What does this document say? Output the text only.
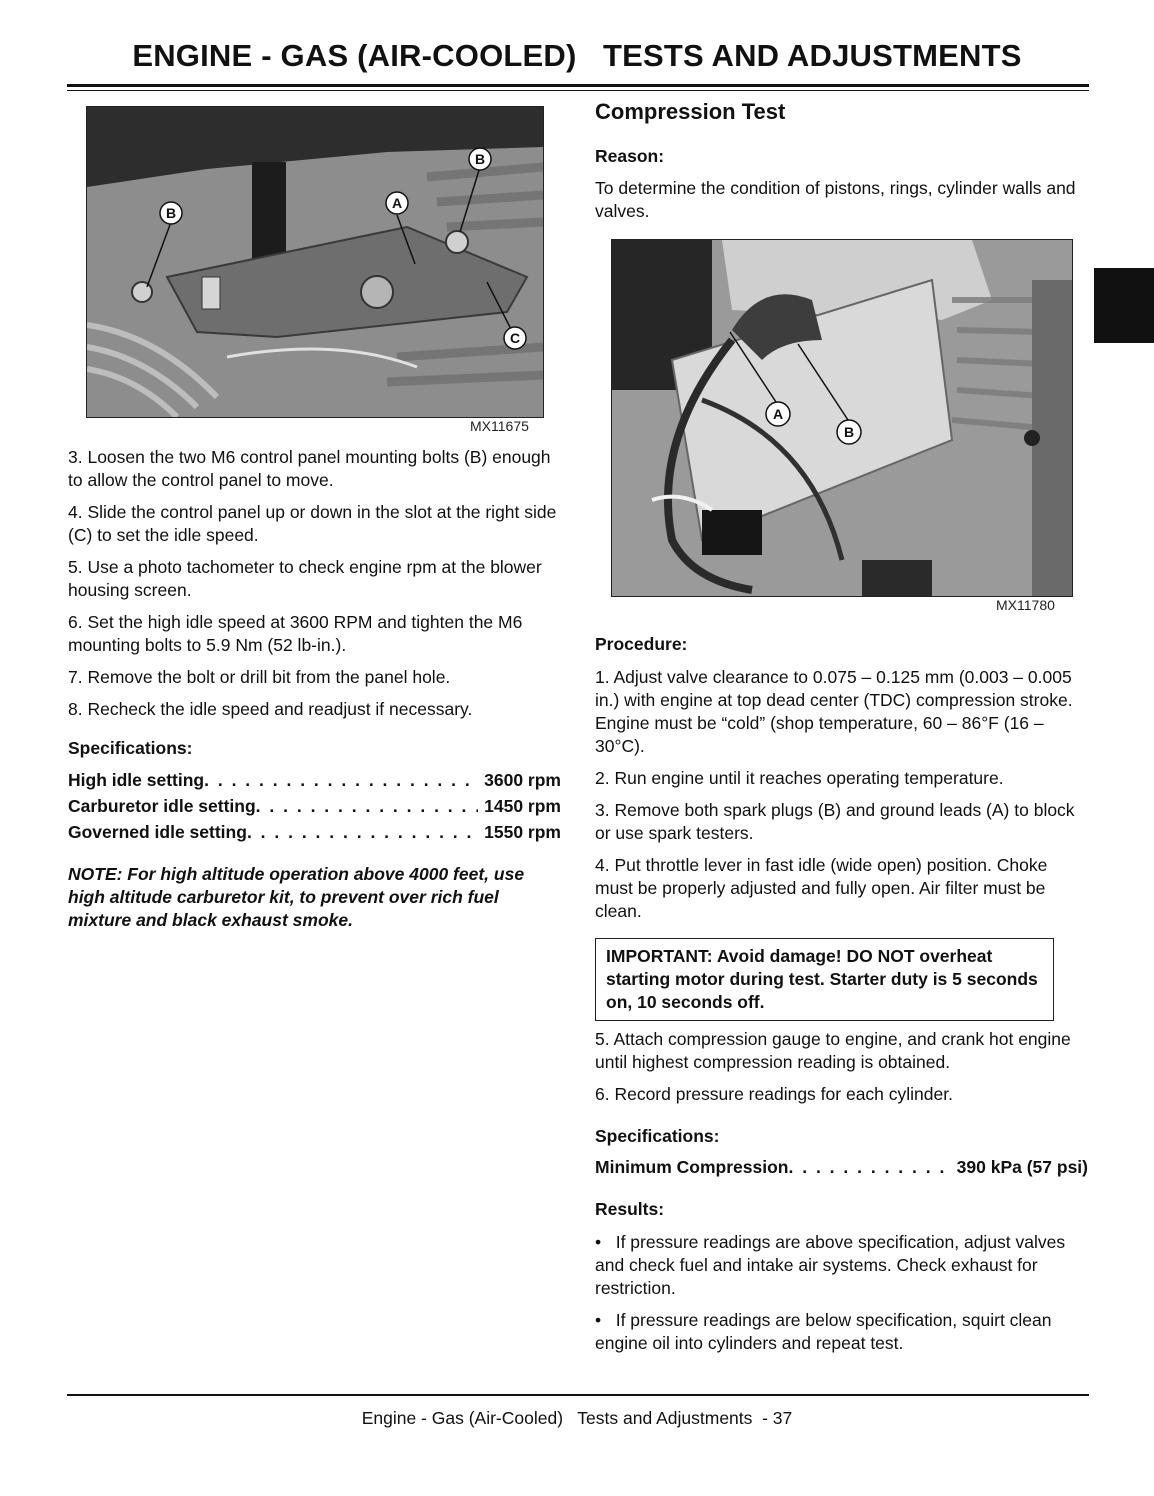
ENGINE - GAS (AIR-COOLED)   TESTS AND ADJUSTMENTS
A
B
B
C
MX11675

3. Loosen the two M6 control panel mounting bolts (B) enough to allow the control panel to move.

4. Slide the control panel up or down in the slot at the right side (C) to set the idle speed.

5. Use a photo tachometer to check engine rpm at the blower housing screen.

6. Set the high idle speed at 3600 RPM and tighten the M6 mounting bolts to 5.9 Nm (52 lb-in.).

7. Remove the bolt or drill bit from the panel hole.

8. Recheck the idle speed and readjust if necessary.

Specifications:
High idle setting . . .	3600 rpm
Carburetor idle setting . . .	1450 rpm
Governed idle setting . . .	1550 rpm
NOTE: For high altitude operation above 4000 feet, use high altitude carburetor kit, to prevent over rich fuel mixture and black exhaust smoke.
Compression Test
Reason:
To determine the condition of pistons, rings, cylinder walls and valves.
A
B
MX11780
Procedure:

1. Adjust valve clearance to 0.075 – 0.125 mm (0.003 – 0.005 in.) with engine at top dead center (TDC) compression stroke. Engine must be “cold” (shop temperature, 60 – 86°F (16 – 30°C).

2. Run engine until it reaches operating temperature.

3. Remove both spark plugs (B) and ground leads (A) to block or use spark testers.

4. Put throttle lever in fast idle (wide open) position. Choke must be properly adjusted and fully open. Air filter must be clean.

IMPORTANT: Avoid damage! DO NOT overheat starting motor during test. Starter duty is 5 seconds on, 10 seconds off.

5. Attach compression gauge to engine, and crank hot engine until highest compression reading is obtained.

6. Record pressure readings for each cylinder.

Specifications:
Minimum Compression . . .	390 kPa (57 psi)
Results:
•   If pressure readings are above specification, adjust valves and check fuel and intake air systems. Check exhaust for restriction.
•   If pressure readings are below specification, squirt clean engine oil into cylinders and repeat test.
Engine - Gas (Air-Cooled)   Tests and Adjustments  - 37
